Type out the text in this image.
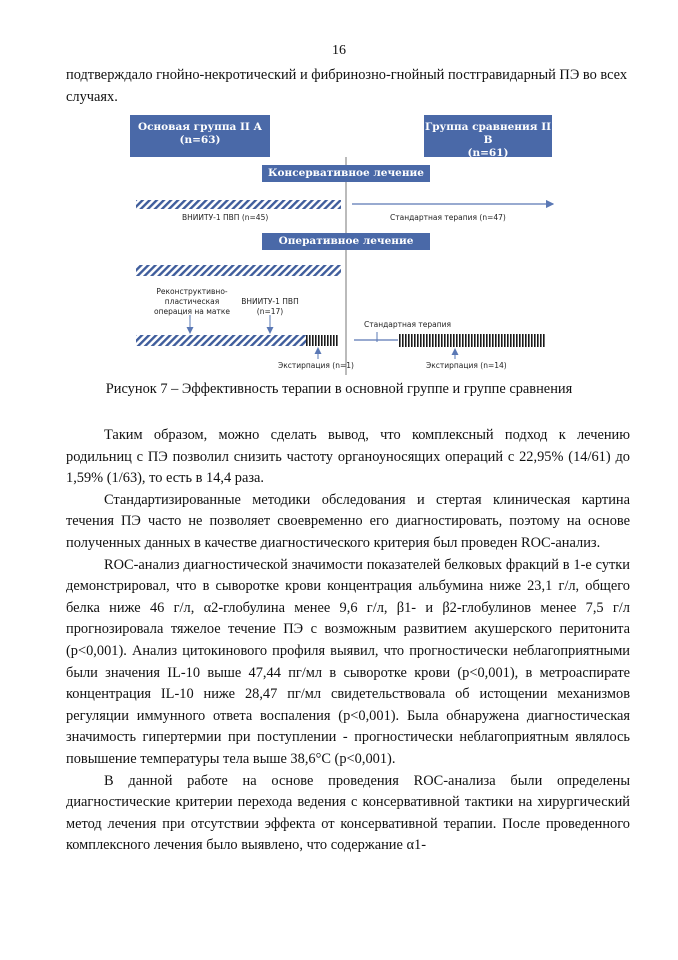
16

подтверждало гнойно-некротический и фибринозно-гнойный постгравидарный ПЭ во всех случаях.

Основая группа II А
(n=63)
Группа сравнения II В
(n=61)
Консервативное лечение
Оперативное лечение
ВНИИТУ-1 ПВП (n=45)	Стандартная терапия (n=47)
Реконструктивно-
пластическая
операция на матке
ВНИИТУ-1 ПВП
(n=17)
Стандартная терапия
Экстирпация (n=1)	Экстирпация (n=14)
Рисунок 7 – Эффективность терапии в основной группе и группе сравнения

Таким образом, можно сделать вывод, что комплексный подход к лечению родильниц с ПЭ позволил снизить частоту органоуносящих операций с 22,95% (14/61) до 1,59% (1/63), то есть в 14,4 раза.

Стандартизированные методики обследования и стертая клиническая картина течения ПЭ часто не позволяет своевременно его диагностировать, поэтому на основе полученных данных в качестве диагностического критерия был проведен ROC-анализ.

ROC-анализ диагностической значимости показателей белковых фракций в 1-е сутки демонстрировал, что в сыворотке крови концентрация альбумина ниже 23,1 г/л, общего белка ниже 46 г/л, α2-глобулина менее 9,6 г/л, β1- и β2-глобулинов менее 7,5 г/л прогнозировала тяжелое течение ПЭ с возможным развитием акушерского перитонита (p<0,001). Анализ цитокинового профиля выявил, что прогностически неблагоприятными были значения IL-10 выше 47,44 пг/мл в сыворотке крови (p<0,001), в метроаспирате концентрация IL-10 ниже 28,47 пг/мл свидетельствовала об истощении механизмов регуляции иммунного ответа воспаления (p<0,001). Была обнаружена диагностическая значимость гипертермии при поступлении - прогностически неблагоприятным являлось повышение температуры тела выше 38,6°C (p<0,001).

В данной работе на основе проведения ROC-анализа были определены диагностические критерии перехода ведения с консервативной тактики на хирургический метод лечения при отсутствии эффекта от консервативной терапии. После проведенного комплексного лечения было выявлено, что содержание α1-
